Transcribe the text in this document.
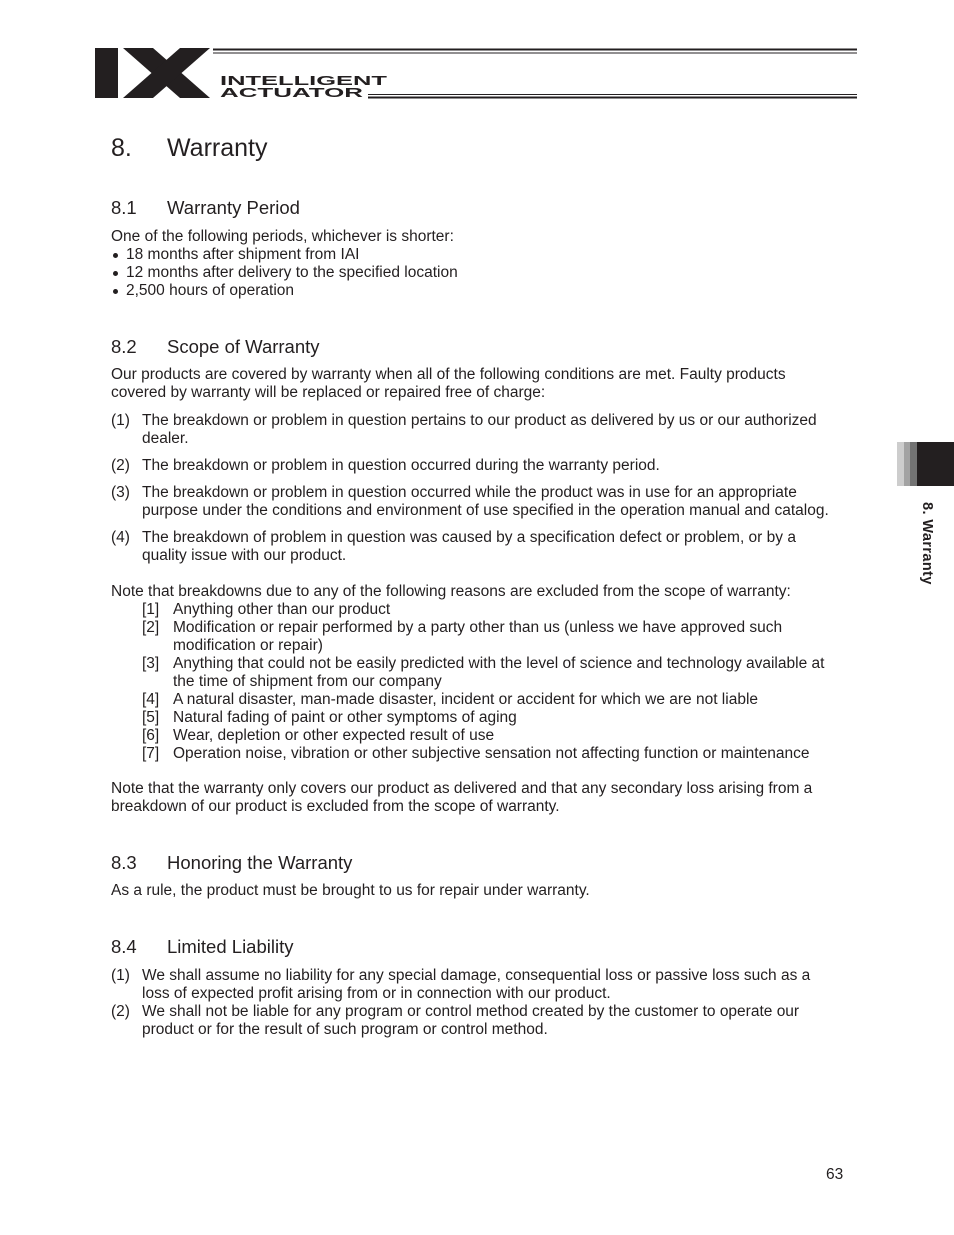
INTELLIGENT
ACTUATOR
8. Warranty
8. Warranty
8.1 Warranty Period
One of the following periods, whichever is shorter:
18 months after shipment from IAI
12 months after delivery to the specified location
2,500 hours of operation
8.2 Scope of Warranty
Our products are covered by warranty when all of the following conditions are met. Faulty products
covered by warranty will be replaced or repaired free of charge:
(1) The breakdown or problem in question pertains to our product as delivered by us or our authorized
dealer.
(2) The breakdown or problem in question occurred during the warranty period.
(3) The breakdown or problem in question occurred while the product was in use for an appropriate
purpose under the conditions and environment of use specified in the operation manual and catalog.
(4) The breakdown of problem in question was caused by a specification defect or problem, or by a
quality issue with our product.
Note that breakdowns due to any of the following reasons are excluded from the scope of warranty:
[1] Anything other than our product
[2] Modification or repair performed by a party other than us (unless we have approved such
modification or repair)
[3] Anything that could not be easily predicted with the level of science and technology available at
the time of shipment from our company
[4] A natural disaster, man-made disaster, incident or accident for which we are not liable
[5] Natural fading of paint or other symptoms of aging
[6] Wear, depletion or other expected result of use
[7] Operation noise, vibration or other subjective sensation not affecting function or maintenance
Note that the warranty only covers our product as delivered and that any secondary loss arising from a
breakdown of our product is excluded from the scope of warranty.
8.3 Honoring the Warranty
As a rule, the product must be brought to us for repair under warranty.
8.4 Limited Liability
(1) We shall assume no liability for any special damage, consequential loss or passive loss such as a
loss of expected profit arising from or in connection with our product.
(2) We shall not be liable for any program or control method created by the customer to operate our
product or for the result of such program or control method.
63
